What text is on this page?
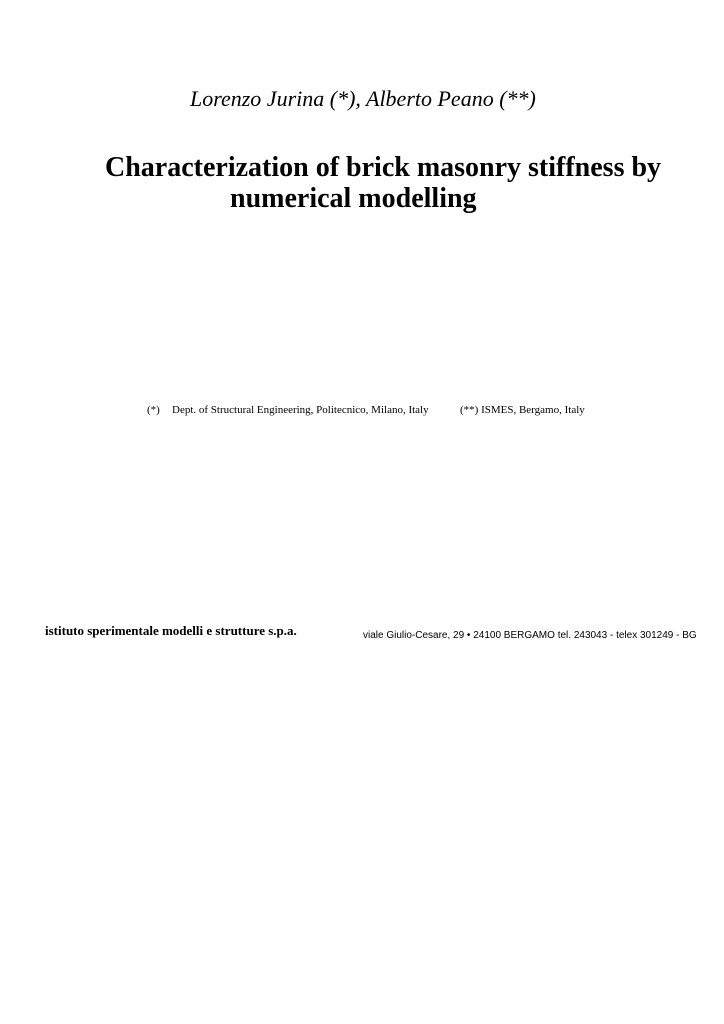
Lorenzo Jurina (*), Alberto Peano (**)
Characterization of brick masonry stiffness by
numerical modelling
(*) Dept. of Structural Engineering, Politecnico, Milano, Italy	(**) ISMES, Bergamo, Italy
istituto sperimentale modelli e strutture s.p.a.	viale Giulio-Cesare, 29 • 24100 BERGAMO tel. 243043 - telex 301249 - BG
